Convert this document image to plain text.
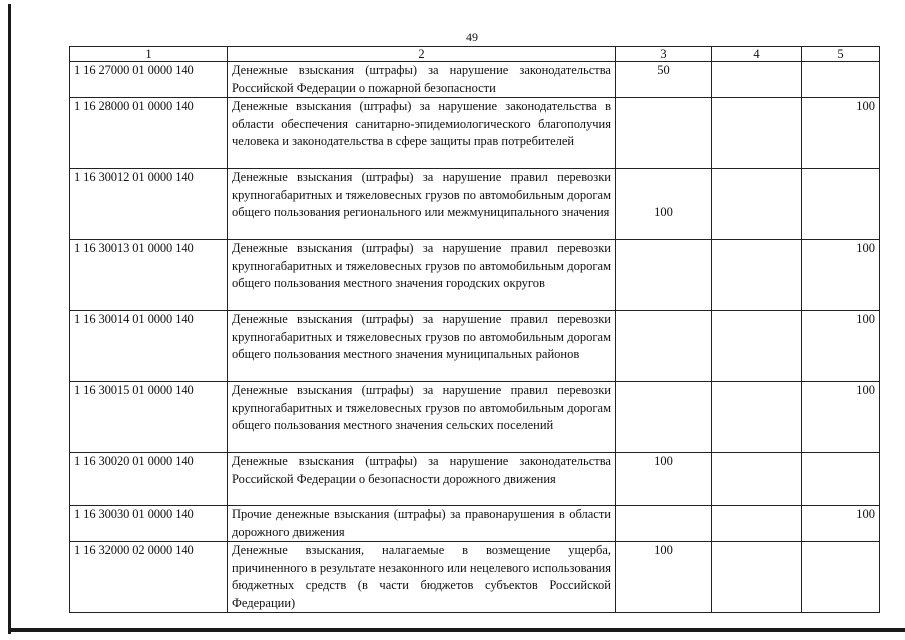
49
1	2	3	4	5
1 16 27000 01 0000 140	Денежные взыскания (штрафы) за нарушение законодательства Российской Федерации о пожарной безопасности	50		
1 16 28000 01 0000 140	Денежные взыскания (штрафы) за нарушение законодательства в области обеспечения санитарно-эпидемиологического благополучия человека и законодательства в сфере защиты прав потребителей			100
1 16 30012 01 0000 140	Денежные взыскания (штрафы) за нарушение правил перевозки крупногабаритных и тяжеловесных грузов по автомобильным дорогам общего пользования регионального или межмуниципального значения	100		
1 16 30013 01 0000 140	Денежные взыскания (штрафы) за нарушение правил перевозки крупногабаритных и тяжеловесных грузов по автомобильным дорогам общего пользования местного значения городских округов			100
1 16 30014 01 0000 140	Денежные взыскания (штрафы) за нарушение правил перевозки крупногабаритных и тяжеловесных грузов по автомобильным дорогам общего пользования местного значения муниципальных районов			100
1 16 30015 01 0000 140	Денежные взыскания (штрафы) за нарушение правил перевозки крупногабаритных и тяжеловесных грузов по автомобильным дорогам общего пользования местного значения сельских поселений			100
1 16 30020 01 0000 140	Денежные взыскания (штрафы) за нарушение законодательства Российской Федерации о безопасности дорожного движения	100		
1 16 30030 01 0000 140	Прочие денежные взыскания (штрафы) за правонарушения в области дорожного движения			100
1 16 32000 02 0000 140	Денежные взыскания, налагаемые в возмещение ущерба, причиненного в результате незаконного или нецелевого использования бюджетных средств (в части бюджетов субъектов Российской Федерации)	100		
